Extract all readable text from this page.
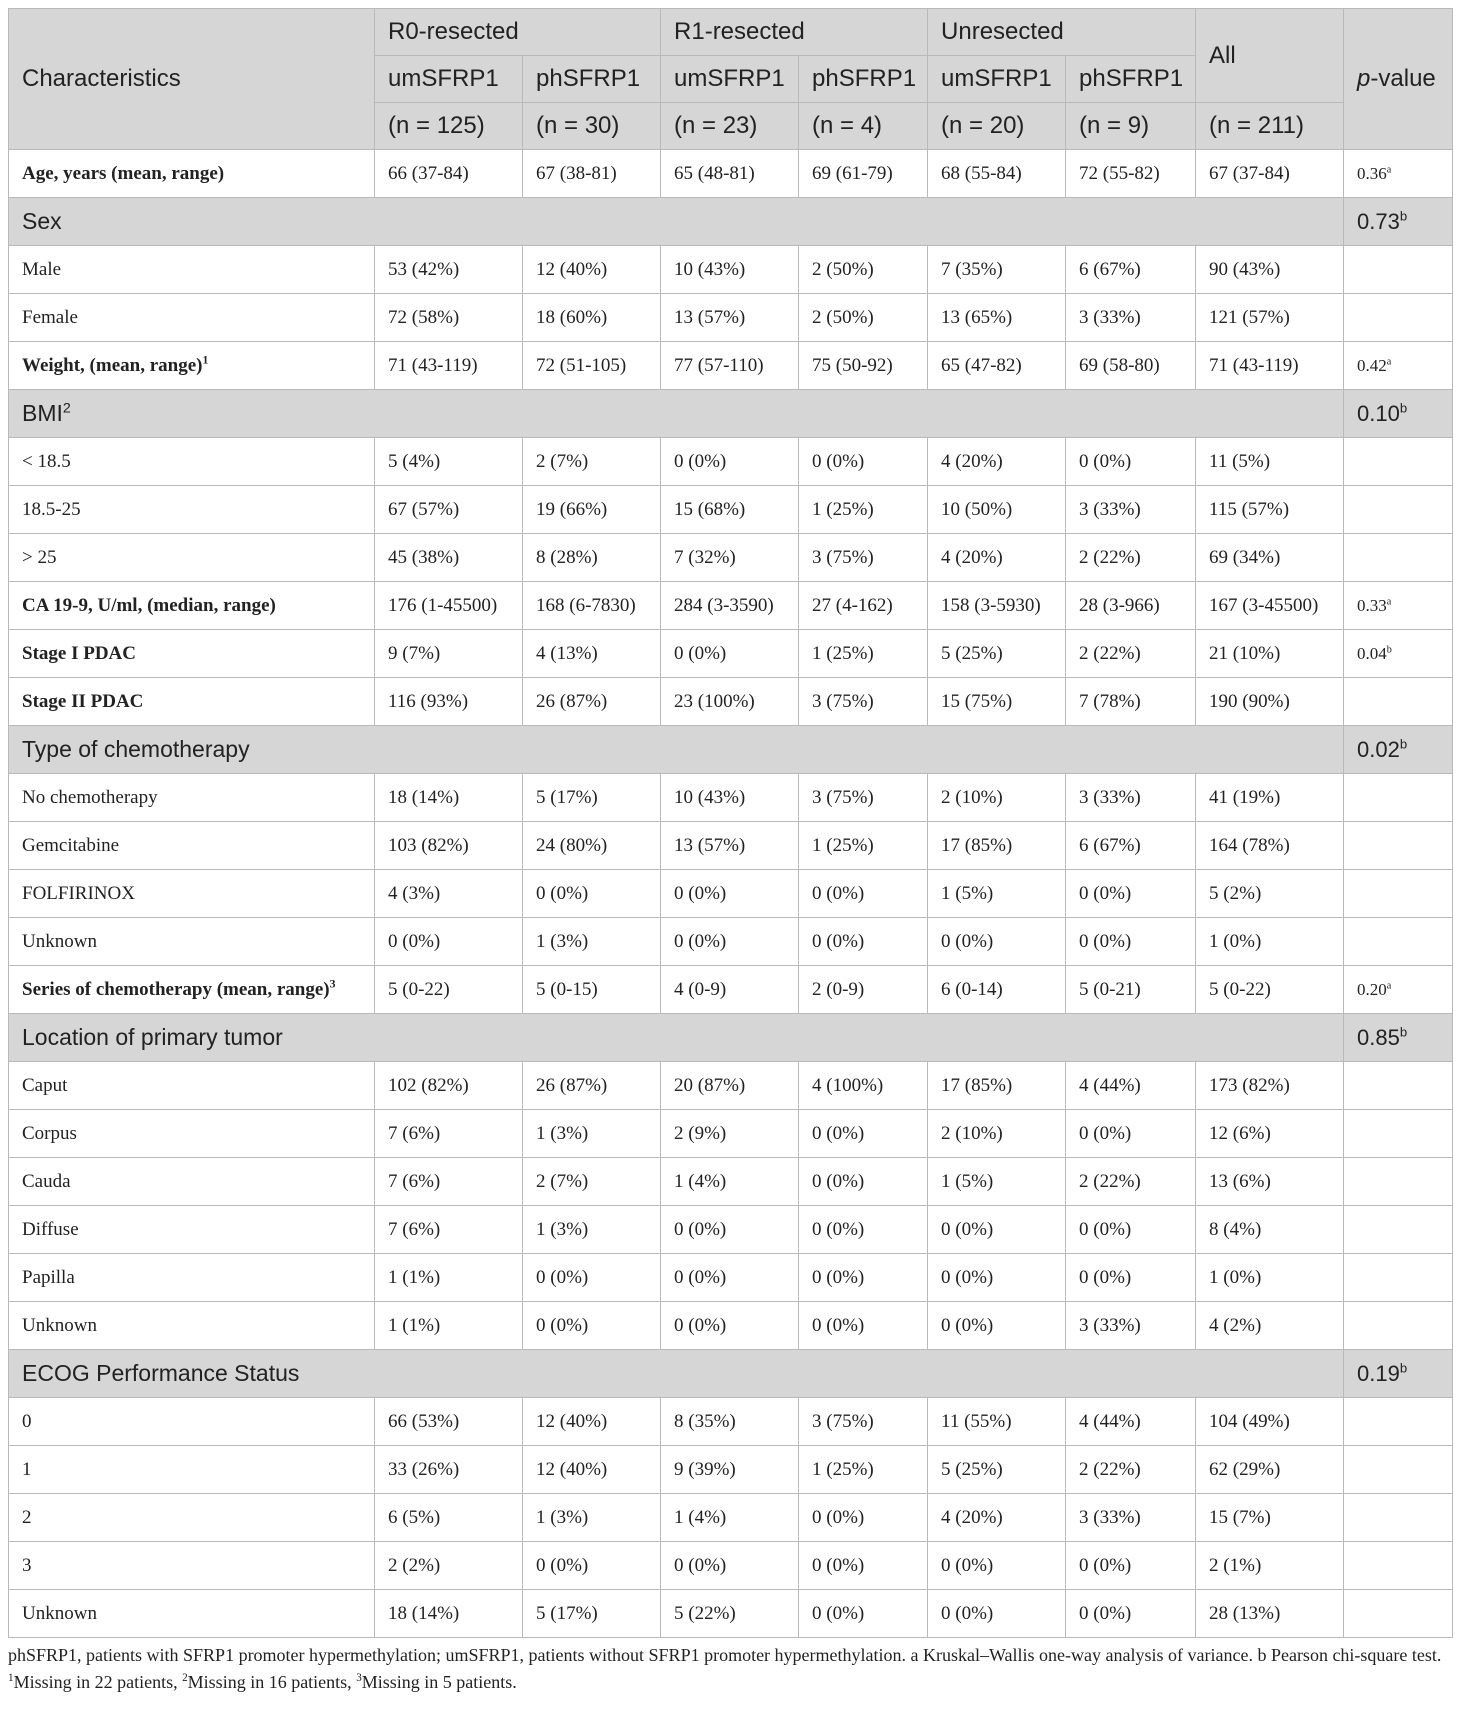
Characteristics	R0-resected		R1-resected		Unresected		All	p-value
	umSFRP1	phSFRP1	umSFRP1	phSFRP1	umSFRP1	phSFRP1		
	(n = 125)	(n = 30)	(n = 23)	(n = 4)	(n = 20)	(n = 9)	(n = 211)	
Age, years (mean, range)	66 (37-84)	67 (38-81)	65 (48-81)	69 (61-79)	68 (55-84)	72 (55-82)	67 (37-84)	0.36$^a$
Sex								0.73$^b$
Male	53 (42%)	12 (40%)	10 (43%)	2 (50%)	7 (35%)	6 (67%)	90 (43%)	
Female	72 (58%)	18 (60%)	13 (57%)	2 (50%)	13 (65%)	3 (33%)	121 (57%)	
Weight, (mean, range)$^1$	71 (43-119)	72 (51-105)	77 (57-110)	75 (50-92)	65 (47-82)	69 (58-80)	71 (43-119)	0.42$^a$
BMI$^2$								0.10$^b$
< 18.5	5 (4%)	2 (7%)	0 (0%)	0 (0%)	4 (20%)	0 (0%)	11 (5%)	
18.5-25	67 (57%)	19 (66%)	15 (68%)	1 (25%)	10 (50%)	3 (33%)	115 (57%)	
> 25	45 (38%)	8 (28%)	7 (32%)	3 (75%)	4 (20%)	2 (22%)	69 (34%)	
CA 19-9, U/ml, (median, range)	176 (1-45500)	168 (6-7830)	284 (3-3590)	27 (4-162)	158 (3-5930)	28 (3-966)	167 (3-45500)	0.33$^a$
Stage I PDAC	9 (7%)	4 (13%)	0 (0%)	1 (25%)	5 (25%)	2 (22%)	21 (10%)	0.04$^b$
Stage II PDAC	116 (93%)	26 (87%)	23 (100%)	3 (75%)	15 (75%)	7 (78%)	190 (90%)	
Type of chemotherapy								0.02$^b$
No chemotherapy	18 (14%)	5 (17%)	10 (43%)	3 (75%)	2 (10%)	3 (33%)	41 (19%)	
Gemcitabine	103 (82%)	24 (80%)	13 (57%)	1 (25%)	17 (85%)	6 (67%)	164 (78%)	
FOLFIRINOX	4 (3%)	0 (0%)	0 (0%)	0 (0%)	1 (5%)	0 (0%)	5 (2%)	
Unknown	0 (0%)	1 (3%)	0 (0%)	0 (0%)	0 (0%)	0 (0%)	1 (0%)	
Series of chemotherapy (mean, range)$^3$	5 (0-22)	5 (0-15)	4 (0-9)	2 (0-9)	6 (0-14)	5 (0-21)	5 (0-22)	0.20$^a$
Location of primary tumor								0.85$^b$
Caput	102 (82%)	26 (87%)	20 (87%)	4 (100%)	17 (85%)	4 (44%)	173 (82%)	
Corpus	7 (6%)	1 (3%)	2 (9%)	0 (0%)	2 (10%)	0 (0%)	12 (6%)	
Cauda	7 (6%)	2 (7%)	1 (4%)	0 (0%)	1 (5%)	2 (22%)	13 (6%)	
Diffuse	7 (6%)	1 (3%)	0 (0%)	0 (0%)	0 (0%)	0 (0%)	8 (4%)	
Papilla	1 (1%)	0 (0%)	0 (0%)	0 (0%)	0 (0%)	0 (0%)	1 (0%)	
Unknown	1 (1%)	0 (0%)	0 (0%)	0 (0%)	0 (0%)	3 (33%)	4 (2%)	
ECOG Performance Status								0.19$^b$
0	66 (53%)	12 (40%)	8 (35%)	3 (75%)	11 (55%)	4 (44%)	104 (49%)	
1	33 (26%)	12 (40%)	9 (39%)	1 (25%)	5 (25%)	2 (22%)	62 (29%)	
2	6 (5%)	1 (3%)	1 (4%)	0 (0%)	4 (20%)	3 (33%)	15 (7%)	
3	2 (2%)	0 (0%)	0 (0%)	0 (0%)	0 (0%)	0 (0%)	2 (1%)	
Unknown	18 (14%)	5 (17%)	5 (22%)	0 (0%)	0 (0%)	0 (0%)	28 (13%)	
phSFRP1, patients with SFRP1 promoter hypermethylation; umSFRP1, patients without SFRP1 promoter hypermethylation. a Kruskal–Wallis one-way analysis of variance. b Pearson chi-square test. $^1$Missing in 22 patients, $^2$Missing in 16 patients, $^3$Missing in 5 patients.
